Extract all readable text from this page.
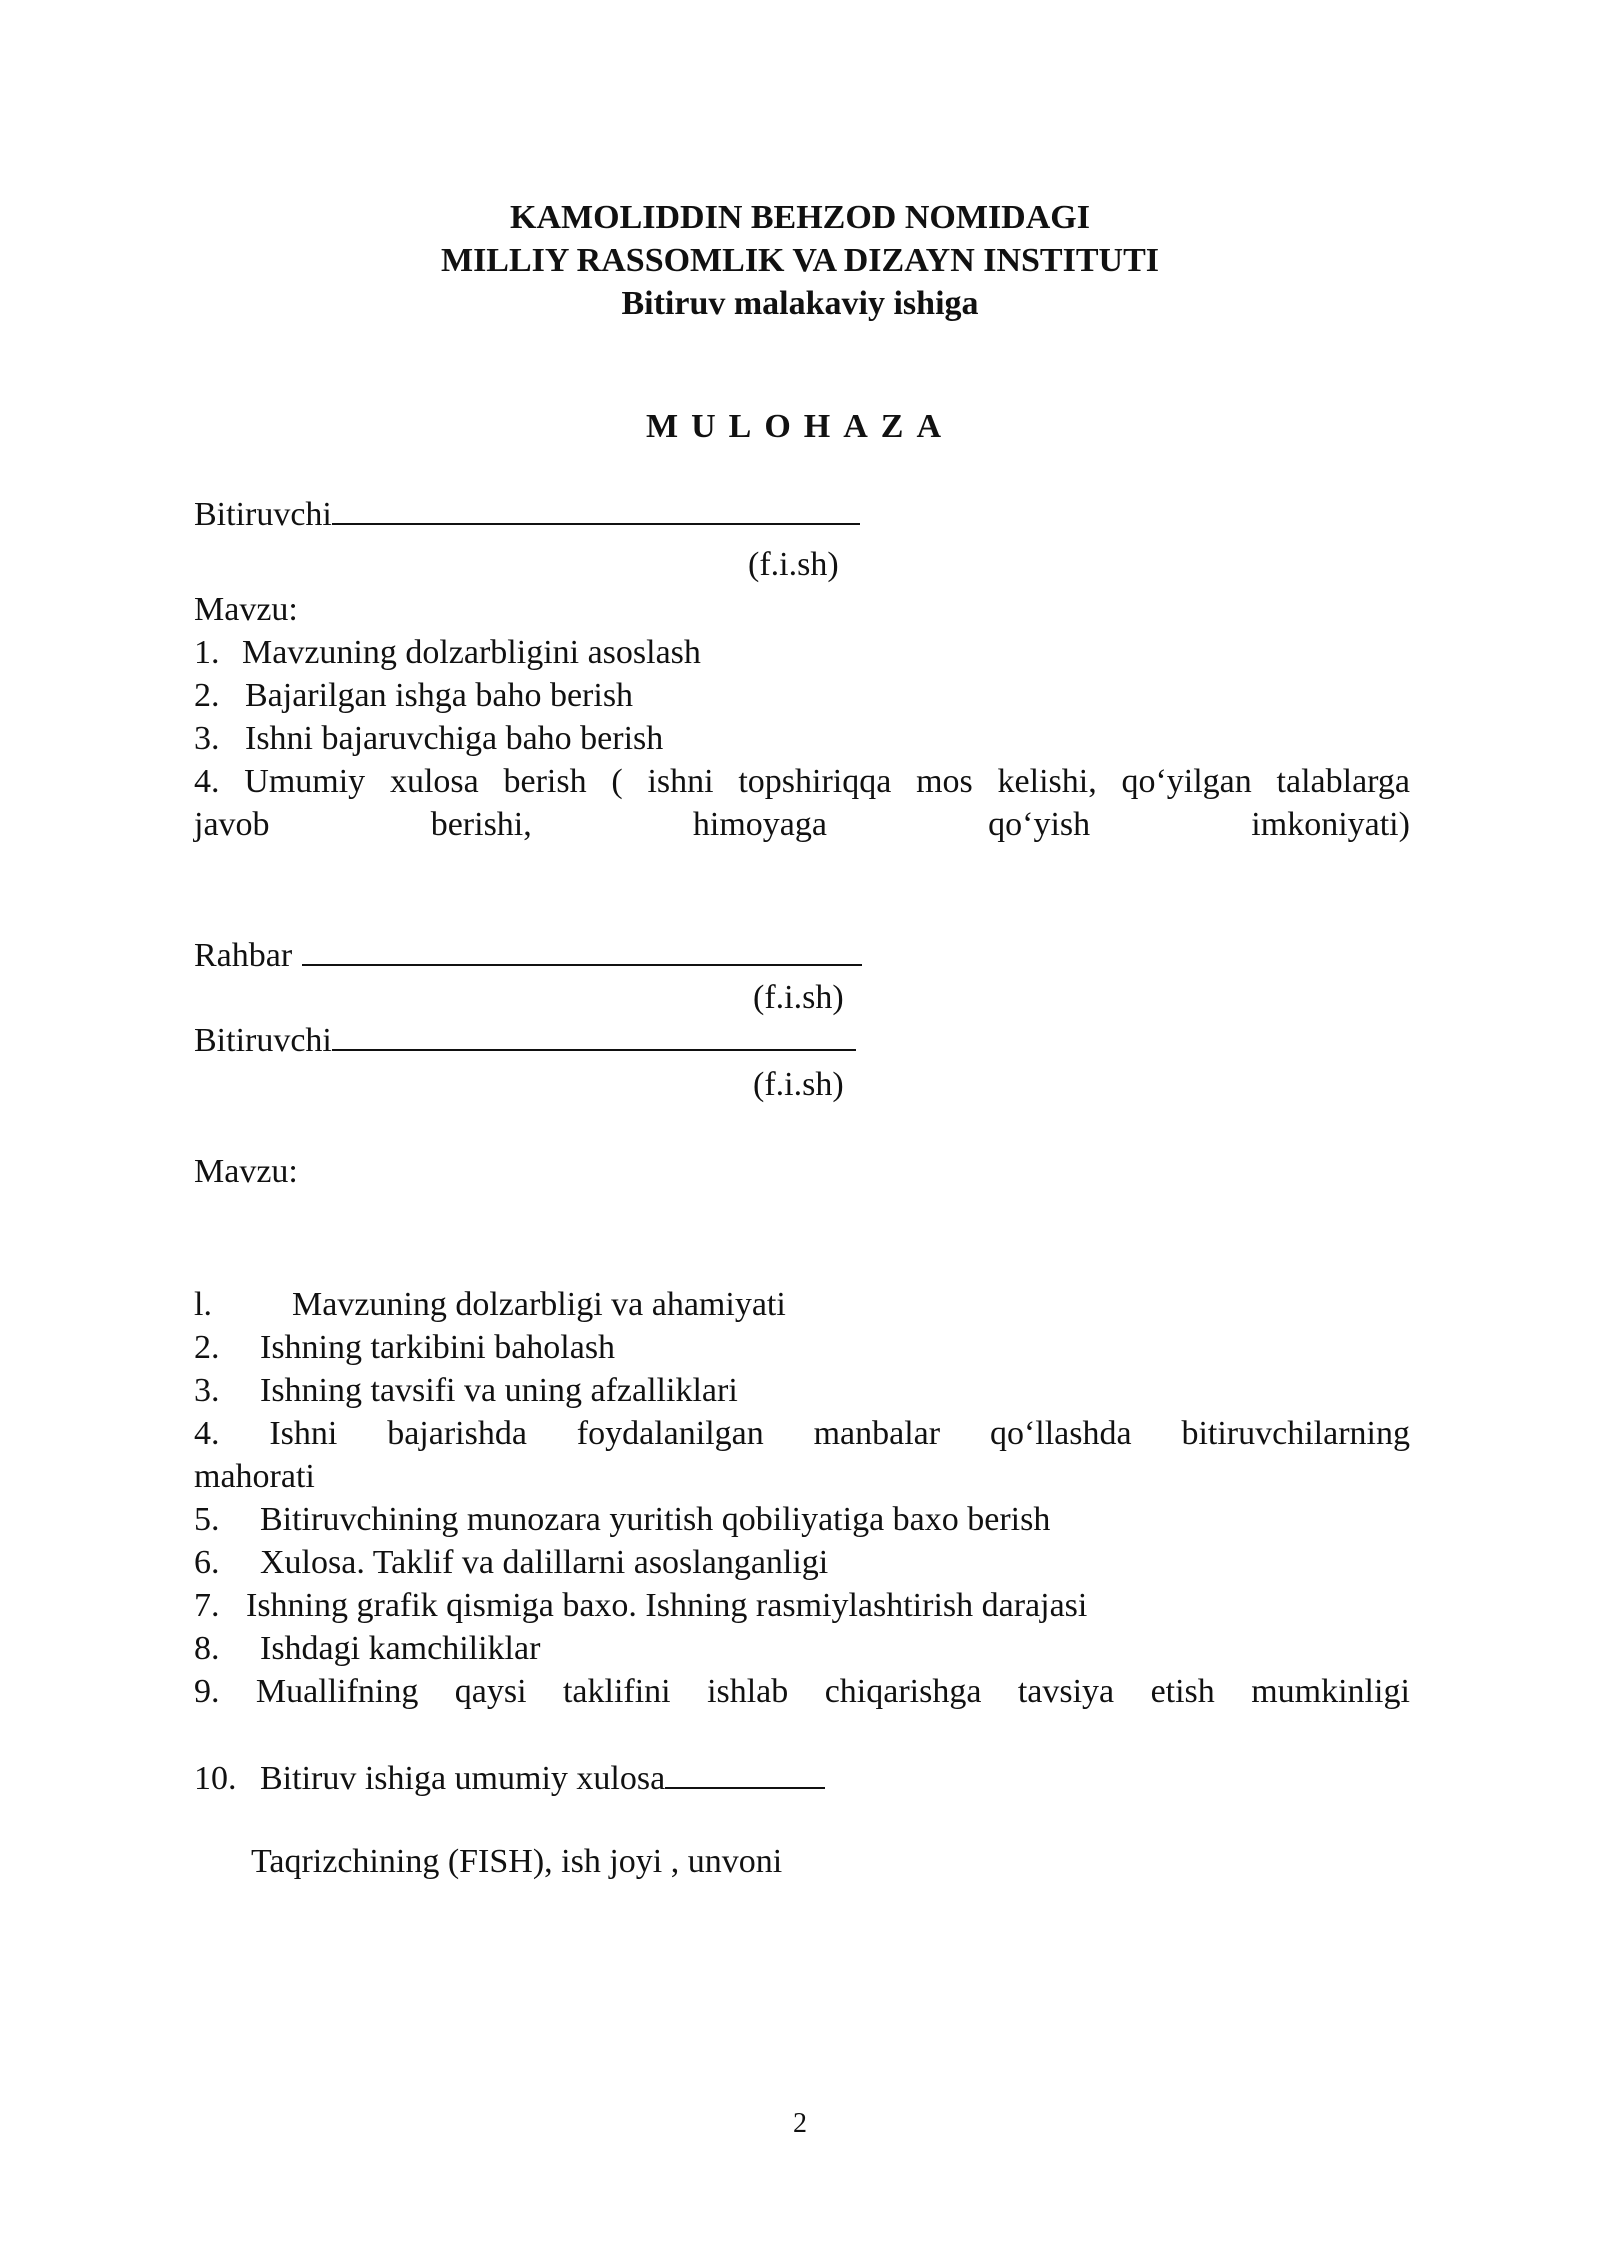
KAMOLIDDIN BEHZOD NOMIDAGI
MILLIY RASSOMLIK VA DIZAYN INSTITUTI
Bitiruv malakaviy ishiga
MULOHAZA
Bitiruvchi
(f.i.sh)
Mavzu:
1. Mavzuning dolzarbligini asoslash
2. Bajarilgan ishga baho berish
3. Ishni bajaruvchiga baho berish
4. Umumiy xulosa berish ( ishni topshiriqqa mos kelishi, qo‘yilgan talablarga
javob	berishi,	himoyaga	qo‘yish	imkoniyati)
Rahbar
(f.i.sh)
Bitiruvchi
(f.i.sh)
Mavzu:
l. Mavzuning dolzarbligi va ahamiyati
2. Ishning tarkibini baholash
3. Ishning tavsifi va uning afzalliklari
4. Ishni bajarishda foydalanilgan manbalar qo‘llashda bitiruvchilarning
mahorati
5. Bitiruvchining munozara yuritish qobiliyatiga baxo berish
6. Xulosa. Taklif va dalillarni asoslanganligi
7. Ishning grafik qismiga baxo. Ishning rasmiylashtirish darajasi
8. Ishdagi kamchiliklar
9. Muallifning qaysi taklifini ishlab chiqarishga tavsiya etish mumkinligi
10. Bitiruv ishiga umumiy xulosa
Taqrizchining (FISH), ish joyi , unvoni
2
